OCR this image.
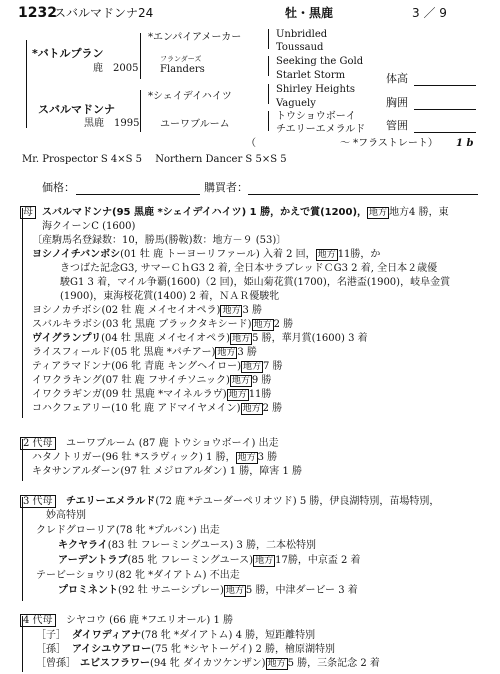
1232
スバルマドンナ24	牡・黒鹿	3 ／ 9
*バトルプラン
鹿　2005
スバルマドンナ
黒鹿　1995
*エンパイアメーカー
フランダーズ
Flanders
*シェイデイハイツ
ユーワブルーム
Unbridled
Toussaud
Seeking the Gold
Starlet Storm
Shirley Heights
Vaguely
トウショウボーイ
チエリーエメラルド
体高
胸囲
管囲
（	～ *フラストレート） 1 b
Mr. Prospector S 4×S 5　 Northern Dancer S 5×S 5
価格：	購買者：
母 スバルマドンナ(95 黒鹿 *シェイデイハイツ) 1 勝，かえで賞(1200)， 地方 地方4 勝，東
海クイーンC (1600)
〔産駒馬名登録数：10，勝馬(勝鞍)数：地方－９ (53)〕
ヨシノイチバンボシ(01 牡 鹿 トーヨーリファール) 入着 2 回， 地方 11勝，か
きつばた記念G3, サマーＣｈG3 2 着, 全日本サラブレッドＣG3 2 着, 全日本２歳優
駿G1 3 着，マイル争覇(1600)（2 回)，姫山菊花賞(1700)，名港盃(1900)，岐阜金賞
(1900)，東海桜花賞(1400) 2 着，ＮＡＲ優駿牝
ヨシノカチボシ(02 牡 鹿 メイセイオペラ) 地方 3 勝
スバルキラボシ(03 牝 黒鹿 ブラックタキシード) 地方 2 勝
ヴイグランプリ(04 牡 黒鹿 メイセイオペラ) 地方 5 勝，華月賞(1600) 3 着
ライスフィールド(05 牝 黒鹿 *パチアー) 地方 3 勝
ティアラマドンナ(06 牝 青鹿 キングヘイロー) 地方 7 勝
イワクラキング(07 牡 鹿 フサイチソニック) 地方 9 勝
イワクラギンガ(09 牡 黒鹿 *マイネルラヴ) 地方 11勝
コハクフェアリー(10 牝 鹿 アドマイヤメイン) 地方 2 勝
2 代母	ユーワブルーム (87 鹿 トウショウボーイ) 出走
ハタノトリガー(96 牡 *スラヴィック) 1 勝， 地方 3 勝
キタサンアルダーン(97 牡 メジロアルダン) 1 勝，障害 1 勝
3 代母	チエリーエメラルド(72 鹿 *テユーダーペリオツド) 5 勝，伊良湖特別，苗場特別，
妙高特別
クレドグローリア(78 牝 *プルバン) 出走
キクヤライ(83 牡 フレーミングユース) 3 勝，二本松特別
アーデントラブ(85 牝 フレーミングユース) 地方 17勝，中京盃 2 着
テービーショウリ(82 牝 *ダイアトム) 不出走
プロミネント(92 牡 サニーシプレー) 地方 5 勝，中津ダービー 3 着
4 代母	シヤコウ (66 鹿 *フエリオール) 1 勝
［子］ ダイワディアナ(78 牝 *ダイアトム) 4 勝，短距離特別
［孫］ アイシユウアロー(75 牝 *シヤトーゲイ) 2 勝，檜原湖特別
［曾孫］ エビスフラワー(94 牝 ダイカツケンザン) 地方 5 勝，三条記念 2 着
